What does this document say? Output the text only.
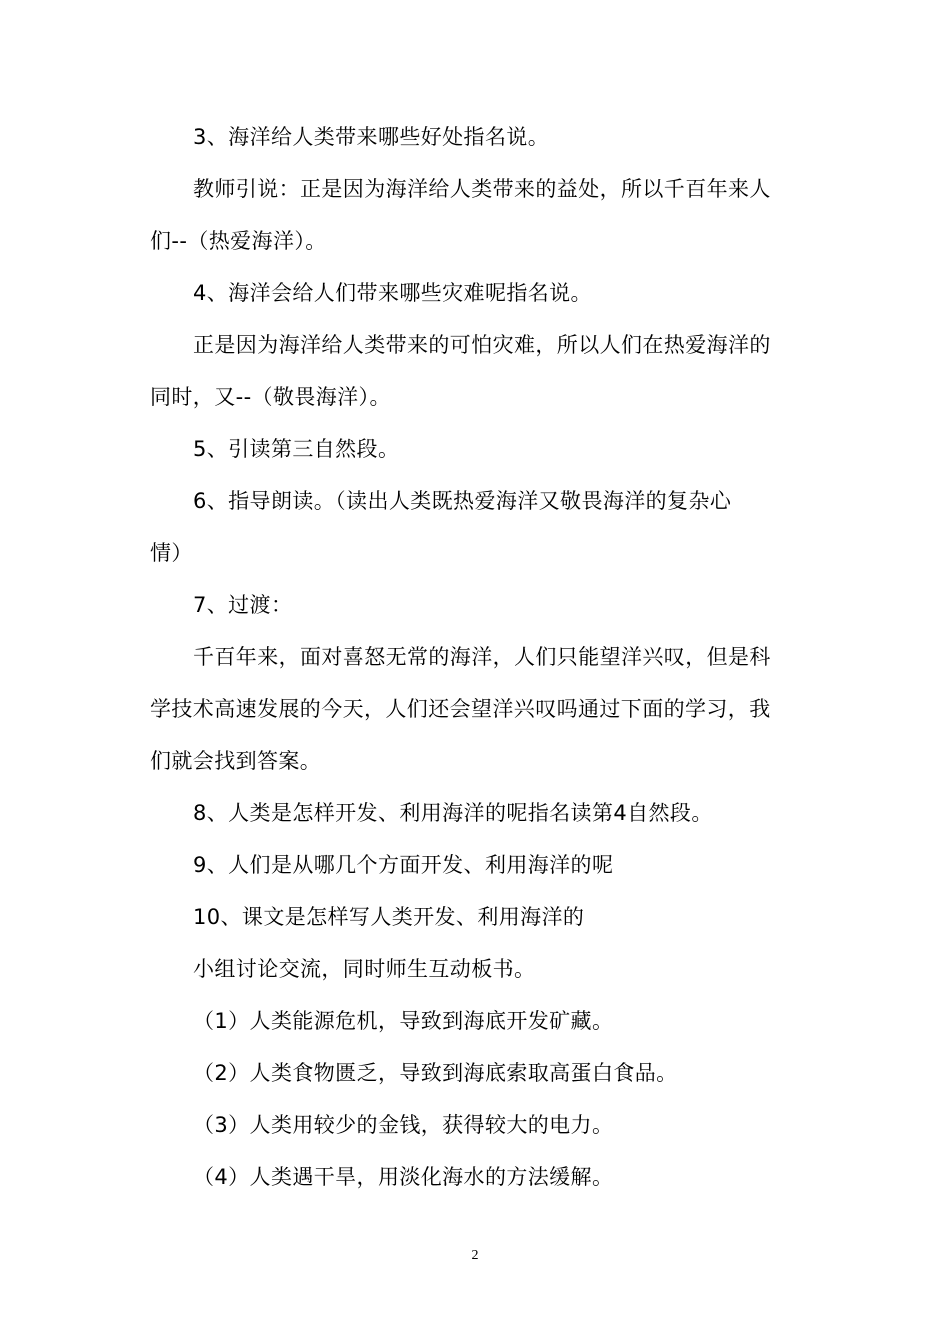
3、海洋给人类带来哪些好处指名说。
教师引说：正是因为海洋给人类带来的益处，所以千百年来人
们--（热爱海洋）。
4、海洋会给人们带来哪些灾难呢指名说。
正是因为海洋给人类带来的可怕灾难，所以人们在热爱海洋的
同时，又--（敬畏海洋）。
5、引读第三自然段。
6、指导朗读。（读出人类既热爱海洋又敬畏海洋的复杂心
情）
7、过渡：
千百年来，面对喜怒无常的海洋，人们只能望洋兴叹，但是科
学技术高速发展的今天，人们还会望洋兴叹吗通过下面的学习，我
们就会找到答案。
8、人类是怎样开发、利用海洋的呢指名读第4自然段。
9、人们是从哪几个方面开发、利用海洋的呢
10、课文是怎样写人类开发、利用海洋的
小组讨论交流，同时师生互动板书。
（1）人类能源危机，导致到海底开发矿藏。
（2）人类食物匮乏，导致到海底索取高蛋白食品。
（3）人类用较少的金钱，获得较大的电力。
（4）人类遇干旱，用淡化海水的方法缓解。
2
